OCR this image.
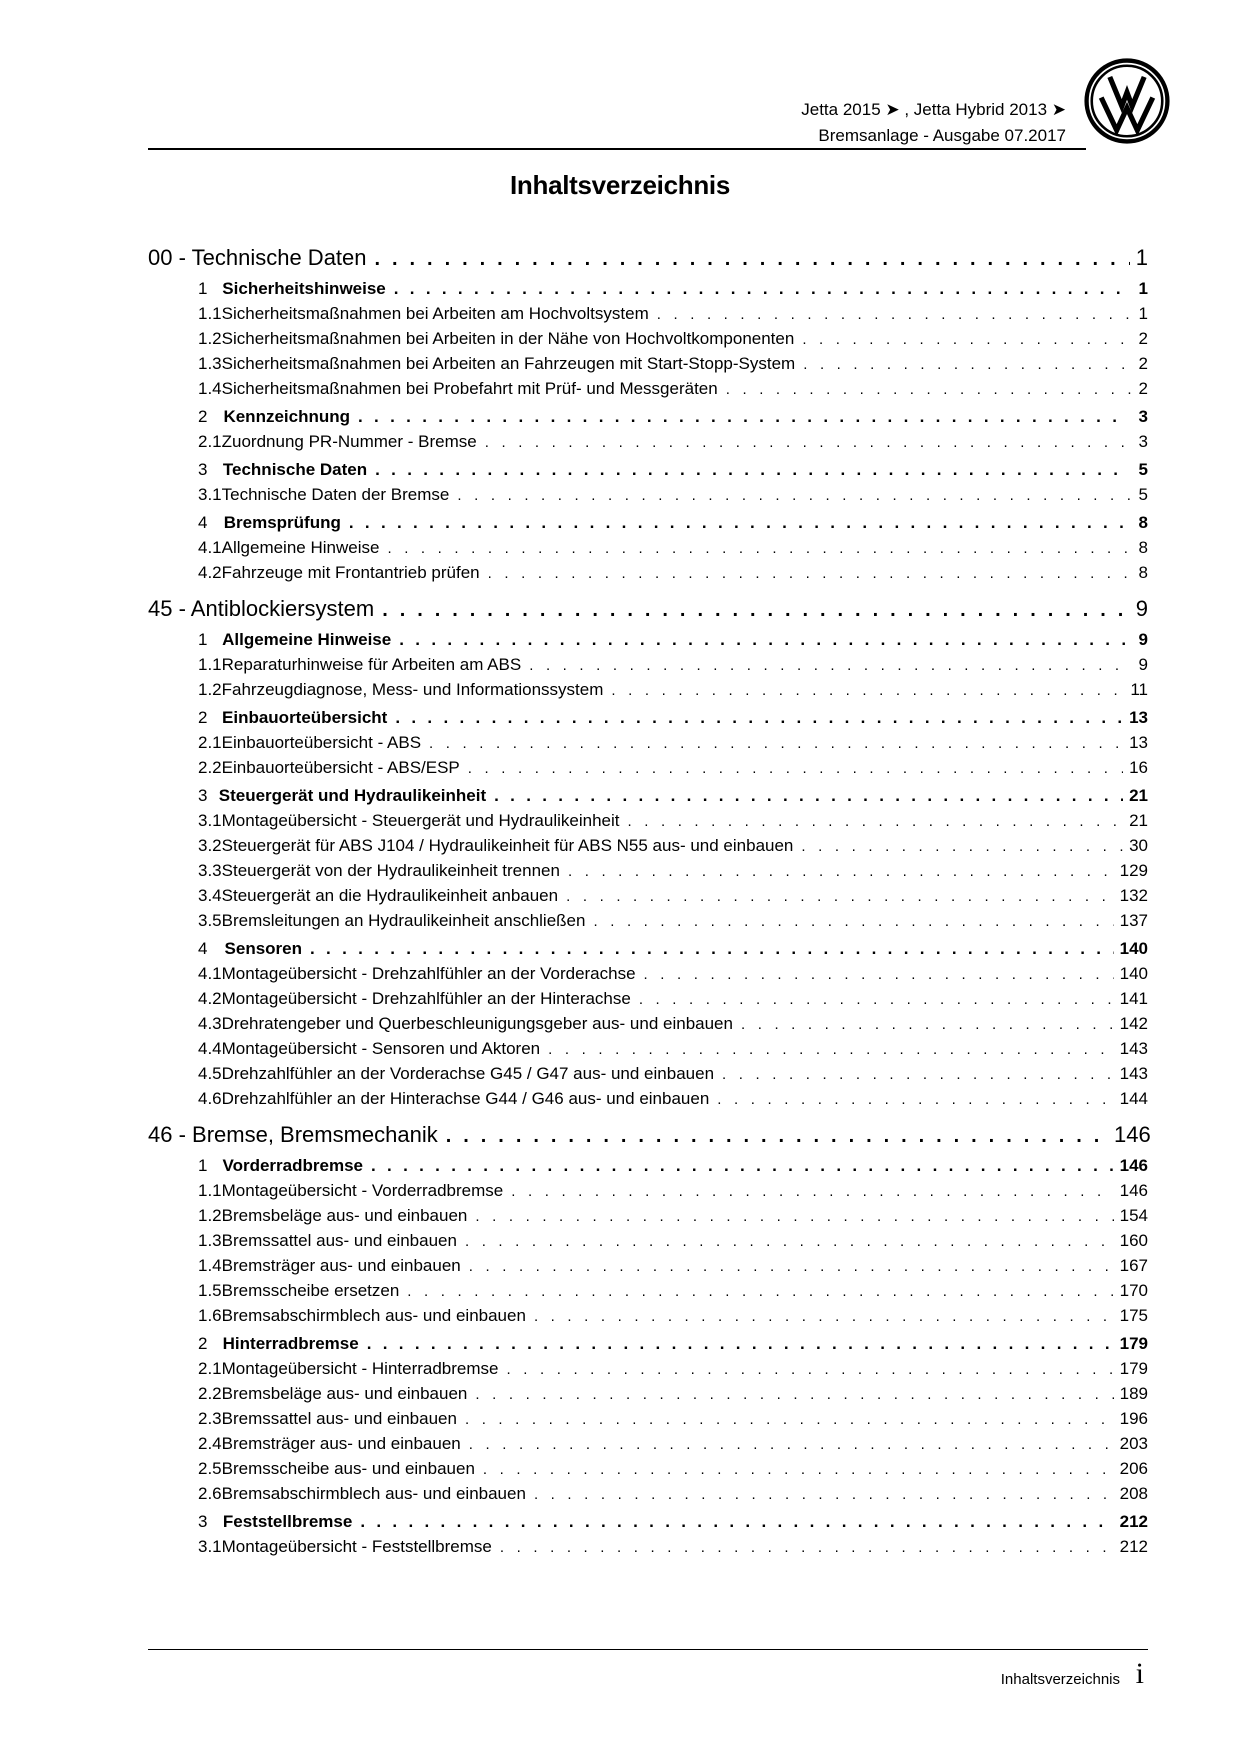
Jetta 2015 ➤ , Jetta Hybrid 2013 ➤
Bremsanlage - Ausgabe 07.2017
Inhaltsverzeichnis
00 - Technische Daten . . .	1
1 Sicherheitshinweise . . .	1
1.1 Sicherheitsmaßnahmen bei Arbeiten am Hochvoltsystem . . .	1
1.2 Sicherheitsmaßnahmen bei Arbeiten in der Nähe von Hochvoltkomponenten . . .	2
1.3 Sicherheitsmaßnahmen bei Arbeiten an Fahrzeugen mit Start-Stopp-System . . .	2
1.4 Sicherheitsmaßnahmen bei Probefahrt mit Prüf- und Messgeräten . . .	2
2 Kennzeichnung . . .	3
2.1 Zuordnung PR-Nummer - Bremse . . .	3
3 Technische Daten . . .	5
3.1 Technische Daten der Bremse . . .	5
4 Bremsprüfung . . .	8
4.1 Allgemeine Hinweise . . .	8
4.2 Fahrzeuge mit Frontantrieb prüfen . . .	8
45 - Antiblockiersystem . . .	9
1 Allgemeine Hinweise . . .	9
1.1 Reparaturhinweise für Arbeiten am ABS . . .	9
1.2 Fahrzeugdiagnose, Mess- und Informationssystem . . .	11
2 Einbauorteübersicht . . .	13
2.1 Einbauorteübersicht - ABS . . .	13
2.2 Einbauorteübersicht - ABS/ESP . . .	16
3 Steuergerät und Hydraulikeinheit . . .	21
3.1 Montageübersicht - Steuergerät und Hydraulikeinheit . . .	21
3.2 Steuergerät für ABS J104 / Hydraulikeinheit für ABS N55 aus- und einbauen . . .	30
3.3 Steuergerät von der Hydraulikeinheit trennen . . .	129
3.4 Steuergerät an die Hydraulikeinheit anbauen . . .	132
3.5 Bremsleitungen an Hydraulikeinheit anschließen . . .	137
4	Sensoren . . .	140
4.1 Montageübersicht - Drehzahlfühler an der Vorderachse . . .	140
4.2 Montageübersicht - Drehzahlfühler an der Hinterachse . . .	141
4.3 Drehratengeber und Querbeschleunigungsgeber aus- und einbauen . . .	142
4.4 Montageübersicht - Sensoren und Aktoren . . .	143
4.5 Drehzahlfühler an der Vorderachse G45 / G47 aus- und einbauen . . .	143
4.6 Drehzahlfühler an der Hinterachse G44 / G46 aus- und einbauen . . .	144
46 - Bremse, Bremsmechanik . . .	146
1 Vorderradbremse . . .	146
1.1 Montageübersicht - Vorderradbremse . . .	146
1.2 Bremsbeläge aus- und einbauen . . .	154
1.3 Bremssattel aus- und einbauen . . .	160
1.4 Bremsträger aus- und einbauen . . .	167
1.5 Bremsscheibe ersetzen . . .	170
1.6 Bremsabschirmblech aus- und einbauen . . .	175
2 Hinterradbremse . . .	179
2.1 Montageübersicht - Hinterradbremse . . .	179
2.2 Bremsbeläge aus- und einbauen . . .	189
2.3 Bremssattel aus- und einbauen . . .	196
2.4 Bremsträger aus- und einbauen . . .	203
2.5 Bremsscheibe aus- und einbauen . . .	206
2.6 Bremsabschirmblech aus- und einbauen . . .	208
3 Feststellbremse . . .	212
3.1 Montageübersicht - Feststellbremse . . .	212
Inhaltsverzeichnis i
